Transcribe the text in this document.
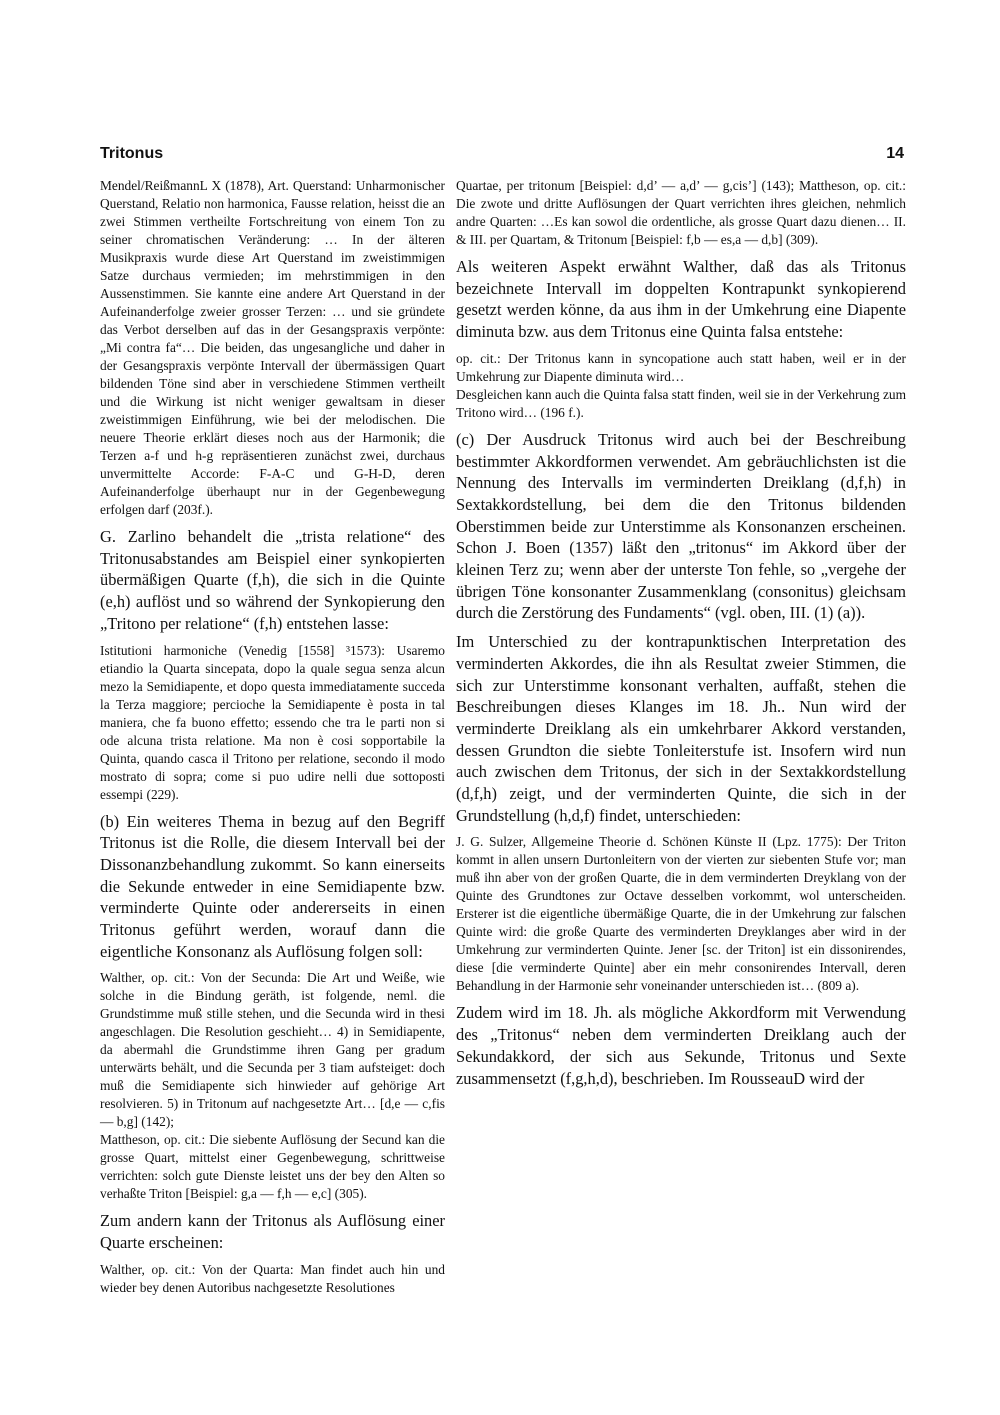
Tritonus	14

Mendel/ReißmannL X (1878), Art. Querstand: Unharmonischer Querstand, Relatio non harmonica, Fausse relation, heisst die an zwei Stimmen vertheilte Fortschreitung von einem Ton zu seiner chromatischen Veränderung: … In der älteren Musikpraxis wurde diese Art Querstand im zweistimmigen Satze durchaus vermieden; im mehrstimmigen in den Aussenstimmen. Sie kannte eine andere Art Querstand in der Aufeinanderfolge zweier grosser Terzen: … und sie gründete das Verbot derselben auf das in der Gesangspraxis verpönte: „Mi contra fa“… Die beiden, das ungesangliche und daher in der Gesangspraxis verpönte Intervall der übermässigen Quart bildenden Töne sind aber in verschiedene Stimmen vertheilt und die Wirkung ist nicht weniger gewaltsam in dieser zweistimmigen Einführung, wie bei der melodischen. Die neuere Theorie erklärt dieses noch aus der Harmonik; die Terzen a-f und h-g repräsentieren zunächst zwei, durchaus unvermittelte Accorde: F-A-C und G-H-D, deren Aufeinanderfolge überhaupt nur in der Gegenbewegung erfolgen darf (203f.).

G. Zarlino behandelt die „trista relatione“ des Tritonusabstandes am Beispiel einer synkopierten übermäßigen Quarte (f,h), die sich in die Quinte (e,h) auflöst und so während der Synkopierung den „Tritono per relatione“ (f,h) entstehen lasse:

Istitutioni harmoniche (Venedig [1558] ³1573): Usaremo etiandio la Quarta sincepata, dopo la quale segua senza alcun mezo la Semidiapente, et dopo questa immediatamente succeda la Terza maggiore; percioche la Semidiapente è posta in tal maniera, che fa buono effetto; essendo che tra le parti non si ode alcuna trista relatione. Ma non è cosi sopportabile la Quinta, quando casca il Tritono per relatione, secondo il modo mostrato di sopra; come si puo udire nelli due sottoposti essempi (229).

(b) Ein weiteres Thema in bezug auf den Begriff Tritonus ist die Rolle, die diesem Intervall bei der Dissonanzbehandlung zukommt. So kann einerseits die Sekunde entweder in eine Semidiapente bzw. verminderte Quinte oder andererseits in einen Tritonus geführt werden, worauf dann die eigentliche Konsonanz als Auflösung folgen soll:

Walther, op. cit.: Von der Secunda: Die Art und Weiße, wie solche in die Bindung geräth, ist folgende, neml. die Grundstimme muß stille stehen, und die Secunda wird in thesi angeschlagen. Die Resolution geschieht… 4) in Semidiapente, da abermahl die Grundstimme ihren Gang per gradum unterwärts behält, und die Secunda per 3 tiam aufsteiget: doch muß die Semidiapente sich hinwieder auf gehörige Art resolvieren. 5) in Tritonum auf nachgesetzte Art… [d,e — c,fis — b,g] (142);

Mattheson, op. cit.: Die siebente Auflösung der Secund kan die grosse Quart, mittelst einer Gegenbewegung, schrittweise verrichten: solch gute Dienste leistet uns der bey den Alten so verhaßte Triton [Beispiel: g,a — f,h — e,c] (305).

Zum andern kann der Tritonus als Auflösung einer Quarte erscheinen:

Walther, op. cit.: Von der Quarta: Man findet auch hin und wieder bey denen Autoribus nachgesetzte Resolutiones

Quartae, per tritonum [Beispiel: d,d’ — a,d’ — g,cis’] (143); Mattheson, op. cit.: Die zwote und dritte Auflösungen der Quart verrichten ihres gleichen, nehmlich andre Quarten: …Es kan sowol die ordentliche, als grosse Quart dazu dienen… II. & III. per Quartam, & Tritonum [Beispiel: f,b — es,a — d,b] (309).

Als weiteren Aspekt erwähnt Walther, daß das als Tritonus bezeichnete Intervall im doppelten Kontrapunkt synkopierend gesetzt werden könne, da aus ihm in der Umkehrung eine Diapente diminuta bzw. aus dem Tritonus eine Quinta falsa entstehe:

op. cit.: Der Tritonus kann in syncopatione auch statt haben, weil er in der Umkehrung zur Diapente diminuta wird…

Desgleichen kann auch die Quinta falsa statt finden, weil sie in der Verkehrung zum Tritono wird… (196 f.).

(c) Der Ausdruck Tritonus wird auch bei der Beschreibung bestimmter Akkordformen verwendet. Am gebräuchlichsten ist die Nennung des Intervalls im verminderten Dreiklang (d,f,h) in Sextakkordstellung, bei dem die den Tritonus bildenden Oberstimmen beide zur Unterstimme als Konsonanzen erscheinen. Schon J. Boen (1357) läßt den „tritonus“ im Akkord über der kleinen Terz zu; wenn aber der unterste Ton fehle, so „vergehe der übrigen Töne konsonanter Zusammenklang (consonitus) gleichsam durch die Zerstörung des Fundaments“ (vgl. oben, III. (1) (a)).

Im Unterschied zu der kontrapunktischen Interpretation des verminderten Akkordes, die ihn als Resultat zweier Stimmen, die sich zur Unterstimme konsonant verhalten, auffaßt, stehen die Beschreibungen dieses Klanges im 18. Jh.. Nun wird der verminderte Dreiklang als ein umkehrbarer Akkord verstanden, dessen Grundton die siebte Tonleiterstufe ist. Insofern wird nun auch zwischen dem Tritonus, der sich in der Sextakkordstellung (d,f,h) zeigt, und der verminderten Quinte, die sich in der Grundstellung (h,d,f) findet, unterschieden:

J. G. Sulzer, Allgemeine Theorie d. Schönen Künste II (Lpz. 1775): Der Triton kommt in allen unsern Durtonleitern von der vierten zur siebenten Stufe vor; man muß ihn aber von der großen Quarte, die in dem verminderten Dreyklang von der Quinte des Grundtones zur Octave desselben vorkommt, wol unterscheiden. Ersterer ist die eigentliche übermäßige Quarte, die in der Umkehrung zur falschen Quinte wird: die große Quarte des verminderten Dreyklanges aber wird in der Umkehrung zur verminderten Quinte. Jener [sc. der Triton] ist ein dissonirendes, diese [die verminderte Quinte] aber ein mehr consonirendes Intervall, deren Behandlung in der Harmonie sehr voneinander unterschieden ist… (809 a).

Zudem wird im 18. Jh. als mögliche Akkordform mit Verwendung des „Tritonus“ neben dem verminderten Dreiklang auch der Sekundakkord, der sich aus Sekunde, Tritonus und Sexte zusammensetzt (f,g,h,d), beschrieben. Im RousseauD wird der
